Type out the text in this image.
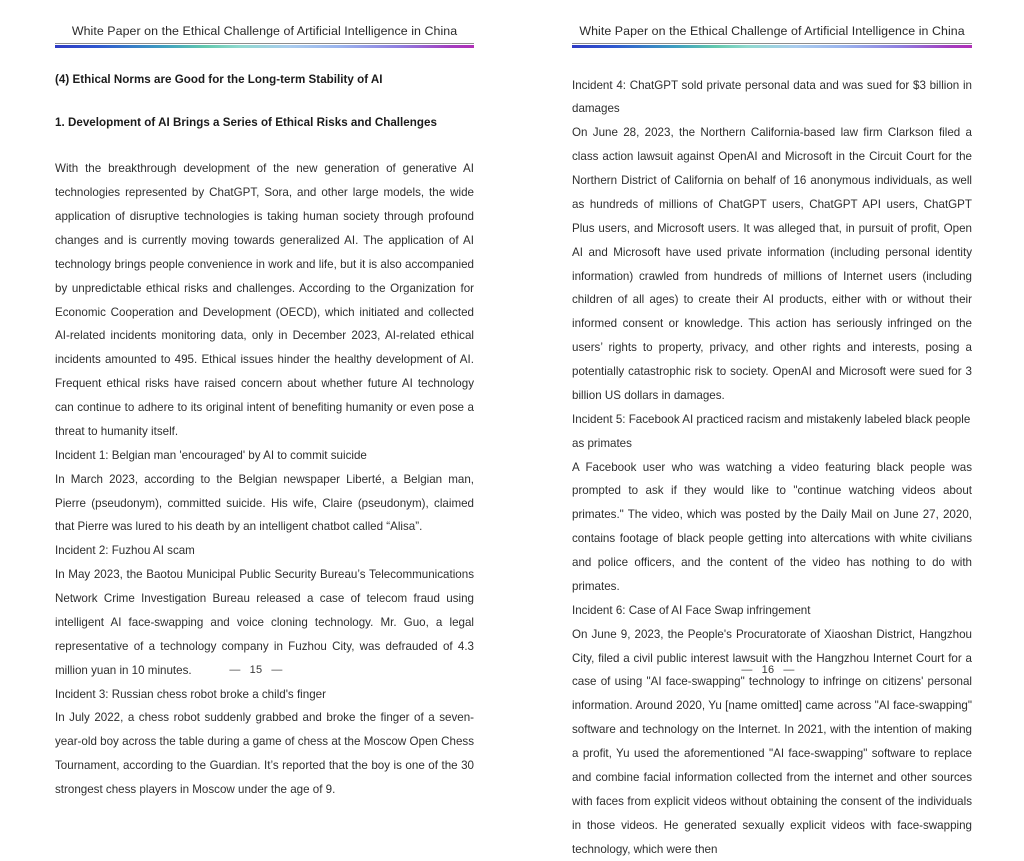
White Paper on the Ethical Challenge of Artificial Intelligence in China
(4) Ethical Norms are Good for the Long-term Stability of AI
1. Development of AI Brings a Series of Ethical Risks and Challenges

With the breakthrough development of the new generation of generative AI technologies represented by ChatGPT, Sora, and other large models, the wide application of disruptive technologies is taking human society through profound changes and is currently moving towards generalized AI. The application of AI technology brings people convenience in work and life, but it is also accompanied by unpredictable ethical risks and challenges. According to the Organization for Economic Cooperation and Development (OECD), which initiated and collected AI-related incidents monitoring data, only in December 2023, AI-related ethical incidents amounted to 495. Ethical issues hinder the healthy development of AI. Frequent ethical risks have raised concern about whether future AI technology can continue to adhere to its original intent of benefiting humanity or even pose a threat to humanity itself.

Incident 1: Belgian man 'encouraged' by AI to commit suicide

In March 2023, according to the Belgian newspaper Liberté, a Belgian man, Pierre (pseudonym), committed suicide. His wife, Claire (pseudonym), claimed that Pierre was lured to his death by an intelligent chatbot called “Alisa”.

Incident 2: Fuzhou AI scam

In May 2023, the Baotou Municipal Public Security Bureau’s Telecommunications Network Crime Investigation Bureau released a case of telecom fraud using intelligent AI face-swapping and voice cloning technology. Mr. Guo, a legal representative of a technology company in Fuzhou City, was defrauded of 4.3 million yuan in 10 minutes.

Incident 3: Russian chess robot broke a child's finger

In July 2022, a chess robot suddenly grabbed and broke the finger of a seven-year-old boy across the table during a game of chess at the Moscow Open Chess Tournament, according to the Guardian. It’s reported that the boy is one of the 30 strongest chess players in Moscow under the age of 9.

— 15 —
White Paper on the Ethical Challenge of Artificial Intelligence in China

Incident 4: ChatGPT sold private personal data and was sued for $3 billion in damages

On June 28, 2023, the Northern California-based law firm Clarkson filed a class action lawsuit against OpenAI and Microsoft in the Circuit Court for the Northern District of California on behalf of 16 anonymous individuals, as well as hundreds of millions of ChatGPT users, ChatGPT API users, ChatGPT Plus users, and Microsoft users. It was alleged that, in pursuit of profit, Open AI and Microsoft have used private information (including personal identity information) crawled from hundreds of millions of Internet users (including children of all ages) to create their AI products, either with or without their informed consent or knowledge. This action has seriously infringed on the users’ rights to property, privacy, and other rights and interests, posing a potentially catastrophic risk to society. OpenAI and Microsoft were sued for 3 billion US dollars in damages.

Incident 5: Facebook AI practiced racism and mistakenly labeled black people as primates

A Facebook user who was watching a video featuring black people was prompted to ask if they would like to "continue watching videos about primates." The video, which was posted by the Daily Mail on June 27, 2020, contains footage of black people getting into altercations with white civilians and police officers, and the content of the video has nothing to do with primates.

Incident 6: Case of AI Face Swap infringement

On June 9, 2023, the People's Procuratorate of Xiaoshan District, Hangzhou City, filed a civil public interest lawsuit with the Hangzhou Internet Court for a case of using "AI face-swapping" technology to infringe on citizens' personal information. Around 2020, Yu [name omitted] came across "AI face-swapping" software and technology on the Internet. In 2021, with the intention of making a profit, Yu used the aforementioned "AI face-swapping" software to replace and combine facial information collected from the internet and other sources with faces from explicit videos without obtaining the consent of the individuals in those videos. He generated sexually explicit videos with face-swapping technology, which were then

— 16 —
